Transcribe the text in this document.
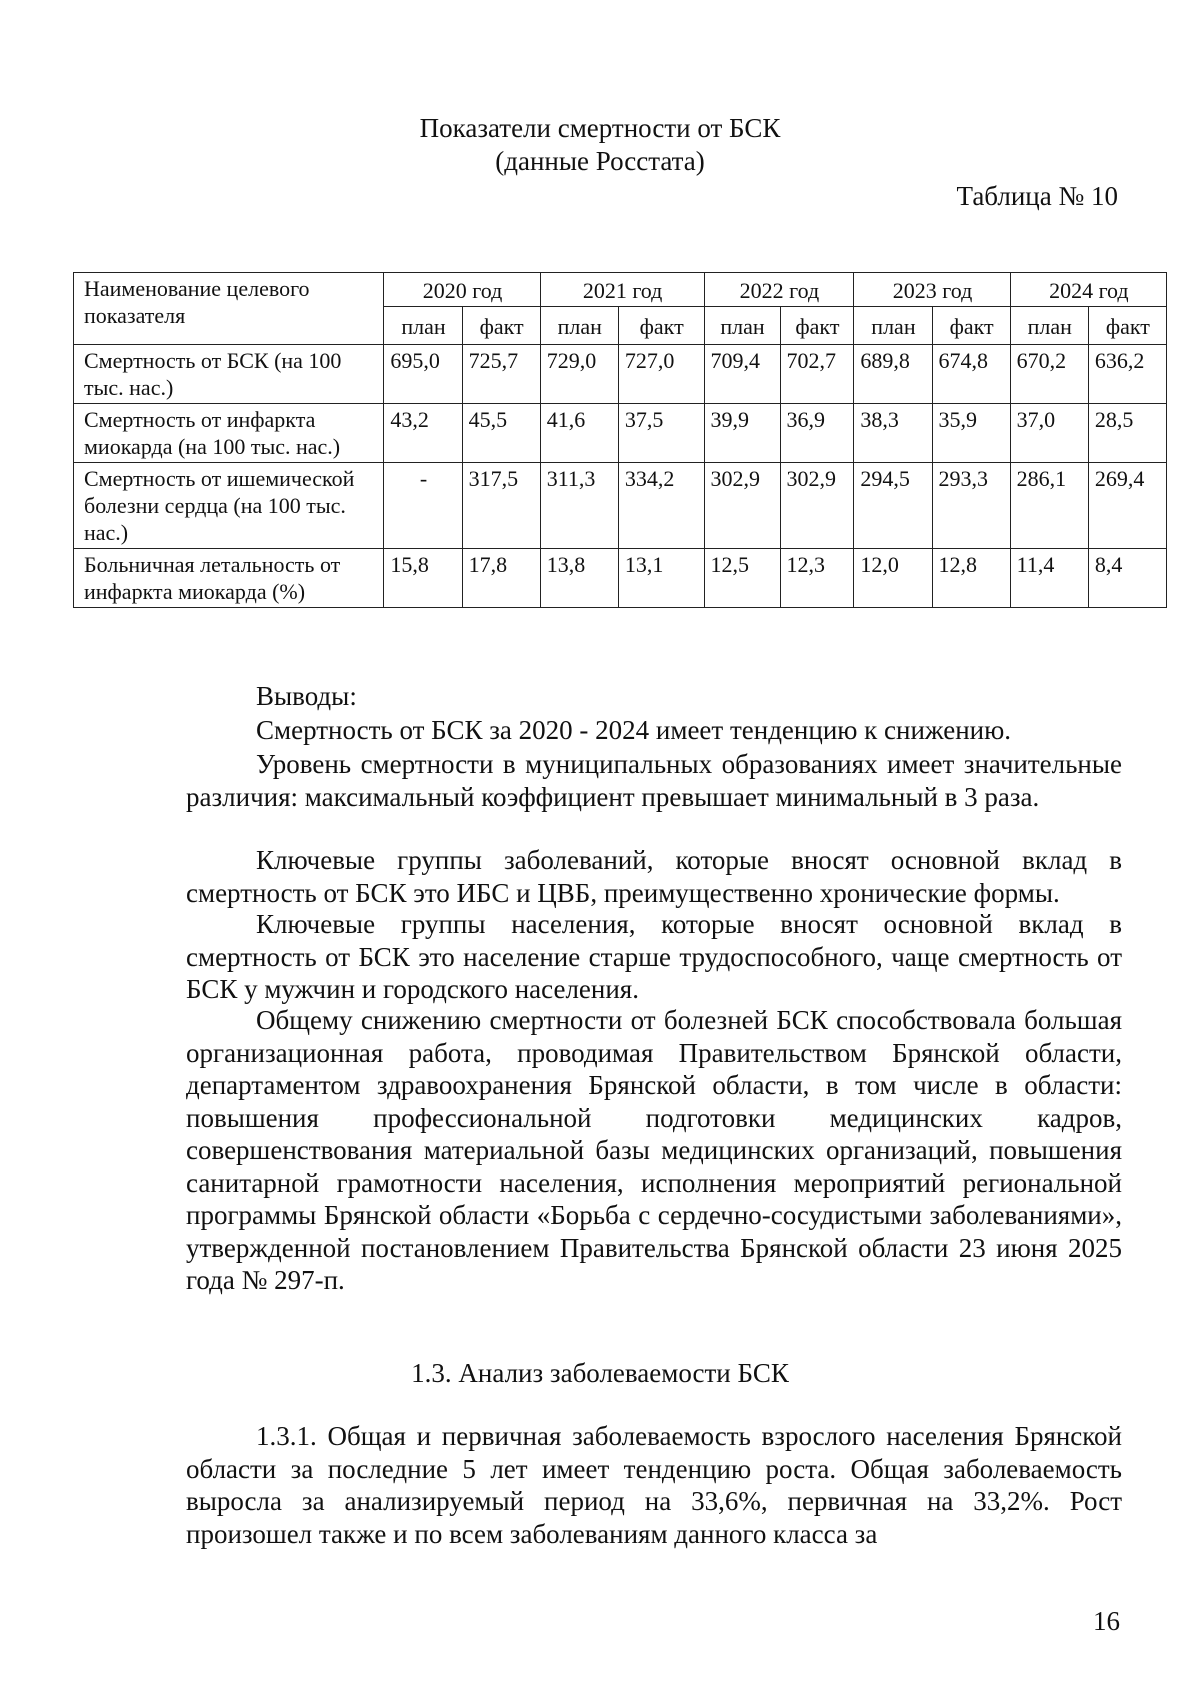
Показатели смертности от БСК
(данные Росстата)
Таблица № 10
Наименование целевого показателя	2020 год		2021 год		2022 год		2023 год		2024 год	
	план	факт	план	факт	план	факт	план	факт	план	факт
Смертность от БСК (на 100 тыс. нас.)	695,0	725,7	729,0	727,0	709,4	702,7	689,8	674,8	670,2	636,2
Смертность от инфаркта миокарда (на 100 тыс. нас.)	43,2	45,5	41,6	37,5	39,9	36,9	38,3	35,9	37,0	28,5
Смертность от ишемической болезни сердца (на 100 тыс. нас.)	-	317,5	311,3	334,2	302,9	302,9	294,5	293,3	286,1	269,4
Больничная летальность от инфаркта миокарда (%)	15,8	17,8	13,8	13,1	12,5	12,3	12,0	12,8	11,4	8,4
Выводы:
Смертность от БСК за 2020 - 2024 имеет тенденцию к снижению.
Уровень смертности в муниципальных образованиях имеет значительные различия: максимальный коэффициент превышает минимальный в 3 раза.
Ключевые группы заболеваний, которые вносят основной вклад в смертность от БСК это ИБС и ЦВБ, преимущественно хронические формы.
Ключевые группы населения, которые вносят основной вклад в смертность от БСК это население старше трудоспособного, чаще смертность от БСК у мужчин и городского населения.
Общему снижению смертности от болезней БСК способствовала большая организационная работа, проводимая Правительством Брянской области, департаментом здравоохранения Брянской области, в том числе в области: повышения профессиональной подготовки медицинских кадров, совершенствования материальной базы медицинских организаций, повышения санитарной грамотности населения, исполнения мероприятий региональной программы Брянской области «Борьба с сердечно-сосудистыми заболеваниями», утвержденной постановлением Правительства Брянской области 23 июня 2025 года № 297-п.
1.3. Анализ заболеваемости БСК
1.3.1. Общая и первичная заболеваемость взрослого населения Брянской области за последние 5 лет имеет тенденцию роста. Общая заболеваемость выросла за анализируемый период на 33,6%, первичная на 33,2%. Рост произошел также и по всем заболеваниям данного класса за
16
